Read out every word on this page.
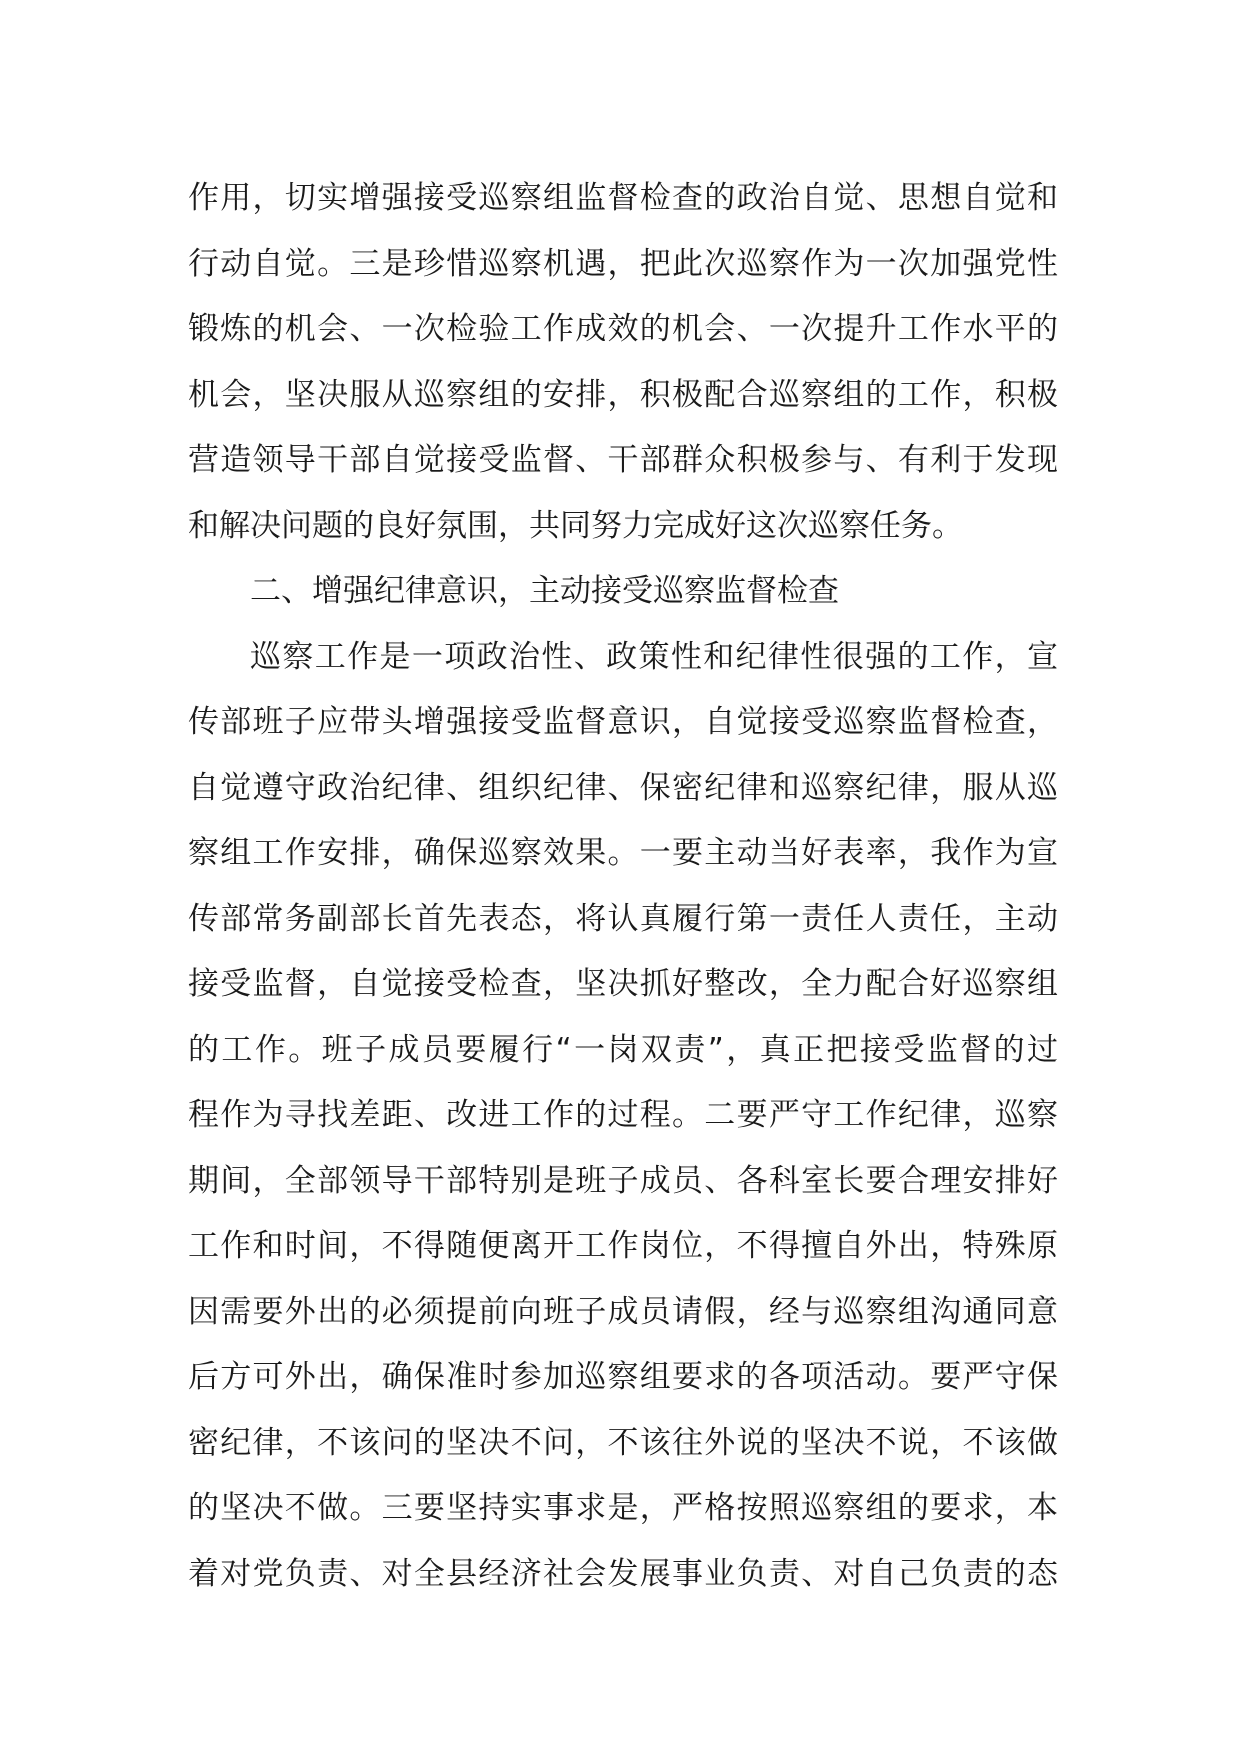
作用，切实增强接受巡察组监督检查的政治自觉、思想自觉和
行动自觉。三是珍惜巡察机遇，把此次巡察作为一次加强党性
锻炼的机会、一次检验工作成效的机会、一次提升工作水平的
机会，坚决服从巡察组的安排，积极配合巡察组的工作，积极
营造领导干部自觉接受监督、干部群众积极参与、有利于发现
和解决问题的良好氛围，共同努力完成好这次巡察任务。
二、增强纪律意识，主动接受巡察监督检查
巡察工作是一项政治性、政策性和纪律性很强的工作，宣
传部班子应带头增强接受监督意识，自觉接受巡察监督检查，
自觉遵守政治纪律、组织纪律、保密纪律和巡察纪律，服从巡
察组工作安排，确保巡察效果。一要主动当好表率，我作为宣
传部常务副部长首先表态，将认真履行第一责任人责任，主动
接受监督，自觉接受检查，坚决抓好整改，全力配合好巡察组
的工作。班子成员要履行“一岗双责”，真正把接受监督的过
程作为寻找差距、改进工作的过程。二要严守工作纪律，巡察
期间，全部领导干部特别是班子成员、各科室长要合理安排好
工作和时间，不得随便离开工作岗位，不得擅自外出，特殊原
因需要外出的必须提前向班子成员请假，经与巡察组沟通同意
后方可外出，确保准时参加巡察组要求的各项活动。要严守保
密纪律，不该问的坚决不问，不该往外说的坚决不说，不该做
的坚决不做。三要坚持实事求是，严格按照巡察组的要求，本
着对党负责、对全县经济社会发展事业负责、对自己负责的态
